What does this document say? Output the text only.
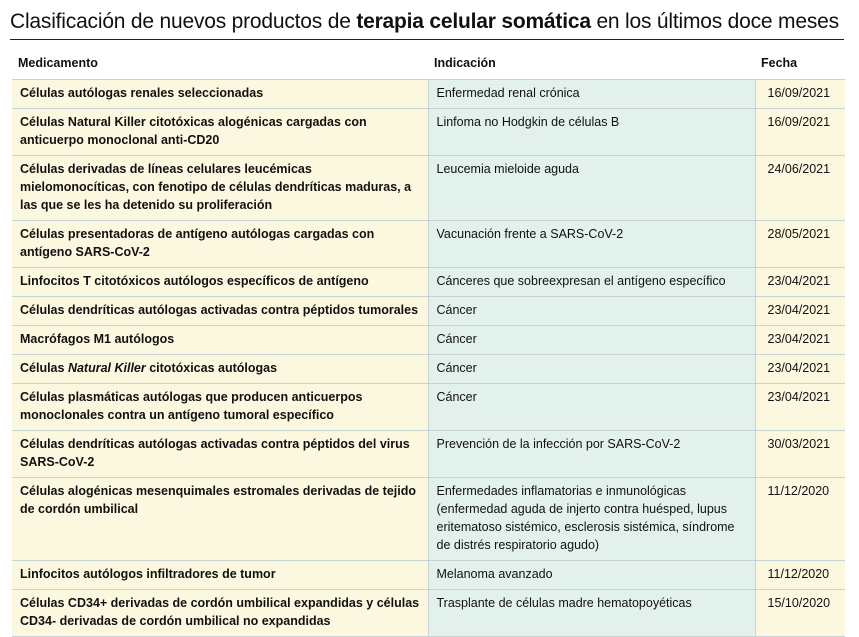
Clasificación de nuevos productos de terapia celular somática en los últimos doce meses
Medicamento	Indicación	Fecha
Células autólogas renales seleccionadas	Enfermedad renal crónica	16/09/2021
Células Natural Killer citotóxicas alogénicas cargadas con anticuerpo monoclonal anti-CD20	Linfoma no Hodgkin de células B	16/09/2021
Células derivadas de líneas celulares leucémicas mielomonocíticas, con fenotipo de células dendríticas maduras, a las que se les ha detenido su proliferación	Leucemia mieloide aguda	24/06/2021
Células presentadoras de antígeno autólogas cargadas con antígeno SARS-CoV-2	Vacunación frente a SARS-CoV-2	28/05/2021
Linfocitos T citotóxicos autólogos específicos de antígeno	Cánceres que sobreexpresan el antígeno específico	23/04/2021
Células dendríticas autólogas activadas contra péptidos tumorales	Cáncer	23/04/2021
Macrófagos M1 autólogos	Cáncer	23/04/2021
Células Natural Killer citotóxicas autólogas	Cáncer	23/04/2021
Células plasmáticas autólogas que producen anticuerpos monoclonales contra un antígeno tumoral específico	Cáncer	23/04/2021
Células dendríticas autólogas activadas contra péptidos del virus SARS-CoV-2	Prevención de la infección por SARS-CoV-2	30/03/2021
Células alogénicas mesenquimales estromales derivadas de tejido de cordón umbilical	Enfermedades inflamatorias e inmunológicas (enfermedad aguda de injerto contra huésped, lupus eritematoso sistémico, esclerosis sistémica, síndrome de distrés respiratorio agudo)	11/12/2020
Linfocitos autólogos infiltradores de tumor	Melanoma avanzado	11/12/2020
Células CD34+ derivadas de cordón umbilical expandidas y células CD34- derivadas de cordón umbilical no expandidas	Trasplante de células madre hematopoyéticas	15/10/2020
